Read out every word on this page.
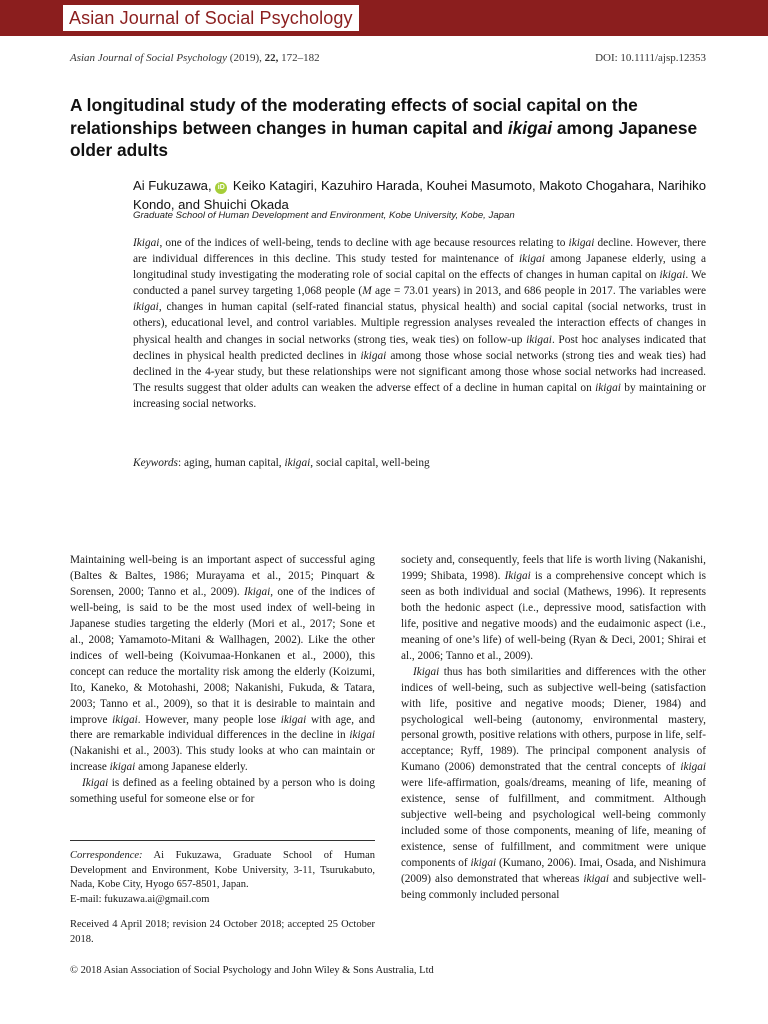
Asian Journal of Social Psychology
Asian Journal of Social Psychology (2019), 22, 172–182	DOI: 10.1111/ajsp.12353
A longitudinal study of the moderating effects of social capital on the relationships between changes in human capital and ikigai among Japanese older adults
Ai Fukuzawa, iD Keiko Katagiri, Kazuhiro Harada, Kouhei Masumoto, Makoto Chogahara, Narihiko Kondo, and Shuichi Okada
Graduate School of Human Development and Environment, Kobe University, Kobe, Japan

Ikigai, one of the indices of well-being, tends to decline with age because resources relating to ikigai decline. However, there are individual differences in this decline. This study tested for maintenance of ikigai among Japanese elderly, using a longitudinal study investigating the moderating role of social capital on the effects of changes in human capital on ikigai. We conducted a panel survey targeting 1,068 people (M age = 73.01 years) in 2013, and 686 people in 2017. The variables were ikigai, changes in human capital (self-rated financial status, physical health) and social capital (social networks, trust in others), educational level, and control variables. Multiple regression analyses revealed the interaction effects of changes in physical health and changes in social networks (strong ties, weak ties) on follow-up ikigai. Post hoc analyses indicated that declines in physical health predicted declines in ikigai among those whose social networks (strong ties and weak ties) had declined in the 4-year study, but these relationships were not significant among those whose social networks had increased. The results suggest that older adults can weaken the adverse effect of a decline in human capital on ikigai by maintaining or increasing social networks.

Keywords: aging, human capital, ikigai, social capital, well-being

Maintaining well-being is an important aspect of successful aging (Baltes & Baltes, 1986; Murayama et al., 2015; Pinquart & Sorensen, 2000; Tanno et al., 2009). Ikigai, one of the indices of well-being, is said to be the most used index of well-being in Japanese studies targeting the elderly (Mori et al., 2017; Sone et al., 2008; Yamamoto-Mitani & Wallhagen, 2002). Like the other indices of well-being (Koivumaa-Honkanen et al., 2000), this concept can reduce the mortality risk among the elderly (Koizumi, Ito, Kaneko, & Motohashi, 2008; Nakanishi, Fukuda, & Tatara, 2003; Tanno et al., 2009), so that it is desirable to maintain and improve ikigai. However, many people lose ikigai with age, and there are remarkable individual differences in the decline in ikigai (Nakanishi et al., 2003). This study looks at who can maintain or increase ikigai among Japanese elderly.

Ikigai is defined as a feeling obtained by a person who is doing something useful for someone else or for

Correspondence: Ai Fukuzawa, Graduate School of Human Development and Environment, Kobe University, 3-11, Tsurukabuto, Nada, Kobe City, Hyogo 657-8501, Japan.

E-mail: fukuzawa.ai@gmail.com

Received 4 April 2018; revision 24 October 2018; accepted 25 October 2018.

society and, consequently, feels that life is worth living (Nakanishi, 1999; Shibata, 1998). Ikigai is a comprehensive concept which is seen as both individual and social (Mathews, 1996). It represents both the hedonic aspect (i.e., depressive mood, satisfaction with life, positive and negative moods) and the eudaimonic aspect (i.e., meaning of one’s life) of well-being (Ryan & Deci, 2001; Shirai et al., 2006; Tanno et al., 2009).

Ikigai thus has both similarities and differences with the other indices of well-being, such as subjective well-being (satisfaction with life, positive and negative moods; Diener, 1984) and psychological well-being (autonomy, environmental mastery, personal growth, positive relations with others, purpose in life, self-acceptance; Ryff, 1989). The principal component analysis of Kumano (2006) demonstrated that the central concepts of ikigai were life-affirmation, goals/dreams, meaning of life, meaning of existence, sense of fulfillment, and commitment. Although subjective well-being and psychological well-being commonly included some of those components, meaning of life, meaning of existence, sense of fulfillment, and commitment were unique components of ikigai (Kumano, 2006). Imai, Osada, and Nishimura (2009) also demonstrated that whereas ikigai and subjective well-being commonly included personal

© 2018 Asian Association of Social Psychology and John Wiley & Sons Australia, Ltd
